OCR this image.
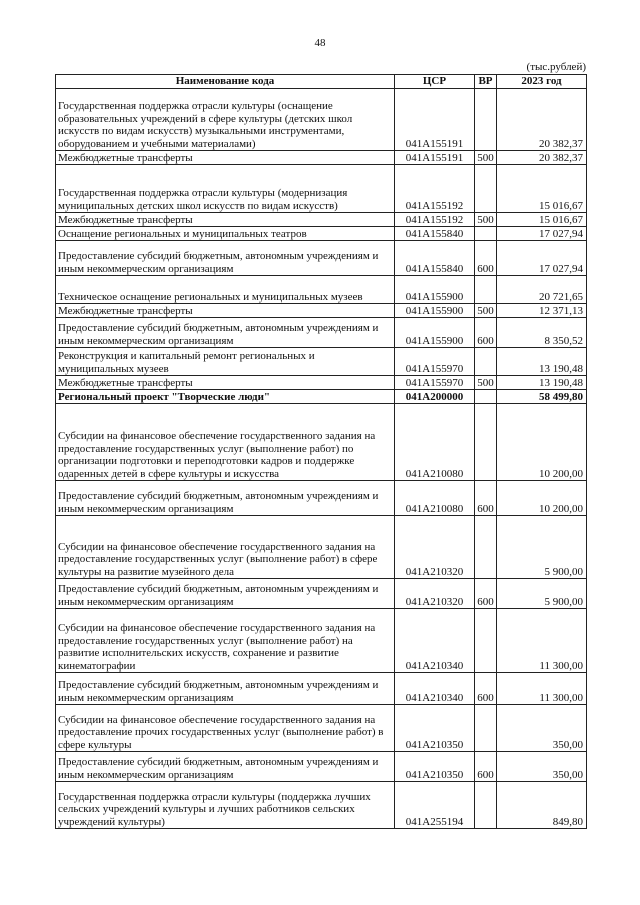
48
(тыс.рублей)
Наименование кода	ЦСР	ВР	2023 год
Государственная поддержка отрасли культуры (оснащение образовательных учреждений в сфере культуры (детских школ искусств по видам искусств) музыкальными инструментами, оборудованием и учебными материалами)	041A155191		20 382,37
Межбюджетные трансферты	041A155191	500	20 382,37
Государственная поддержка отрасли культуры (модернизация муниципальных детских школ искусств по видам искусств)	041A155192		15 016,67
Межбюджетные трансферты	041A155192	500	15 016,67
Оснащение региональных и муниципальных театров	041A155840		17 027,94
Предоставление субсидий бюджетным, автономным учреждениям и иным некоммерческим организациям	041A155840	600	17 027,94
Техническое оснащение региональных и муниципальных музеев	041A155900		20 721,65
Межбюджетные трансферты	041A155900	500	12 371,13
Предоставление субсидий бюджетным, автономным учреждениям и иным некоммерческим организациям	041A155900	600	8 350,52
Реконструкция и капитальный ремонт региональных и муниципальных музеев	041A155970		13 190,48
Межбюджетные трансферты	041A155970	500	13 190,48
Региональный проект "Творческие люди"	041A200000		58 499,80
Субсидии на финансовое обеспечение государственного задания на предоставление государственных услуг (выполнение работ) по организации подготовки и переподготовки кадров и поддержке одаренных детей в сфере культуры и искусства	041A210080		10 200,00
Предоставление субсидий бюджетным, автономным учреждениям и иным некоммерческим организациям	041A210080	600	10 200,00
Субсидии на финансовое обеспечение государственного задания на предоставление государственных услуг (выполнение работ) в сфере культуры на развитие музейного дела	041A210320		5 900,00
Предоставление субсидий бюджетным, автономным учреждениям и иным некоммерческим организациям	041A210320	600	5 900,00
Субсидии на финансовое обеспечение государственного задания на предоставление государственных услуг (выполнение работ) на развитие исполнительских искусств, сохранение и развитие кинематографии	041A210340		11 300,00
Предоставление субсидий бюджетным, автономным учреждениям и иным некоммерческим организациям	041A210340	600	11 300,00
Субсидии на финансовое обеспечение государственного задания на предоставление прочих государственных услуг (выполнение работ) в сфере культуры	041A210350		350,00
Предоставление субсидий бюджетным, автономным учреждениям и иным некоммерческим организациям	041A210350	600	350,00
Государственная поддержка отрасли культуры (поддержка лучших сельских учреждений культуры и лучших работников сельских учреждений культуры)	041A255194		849,80
